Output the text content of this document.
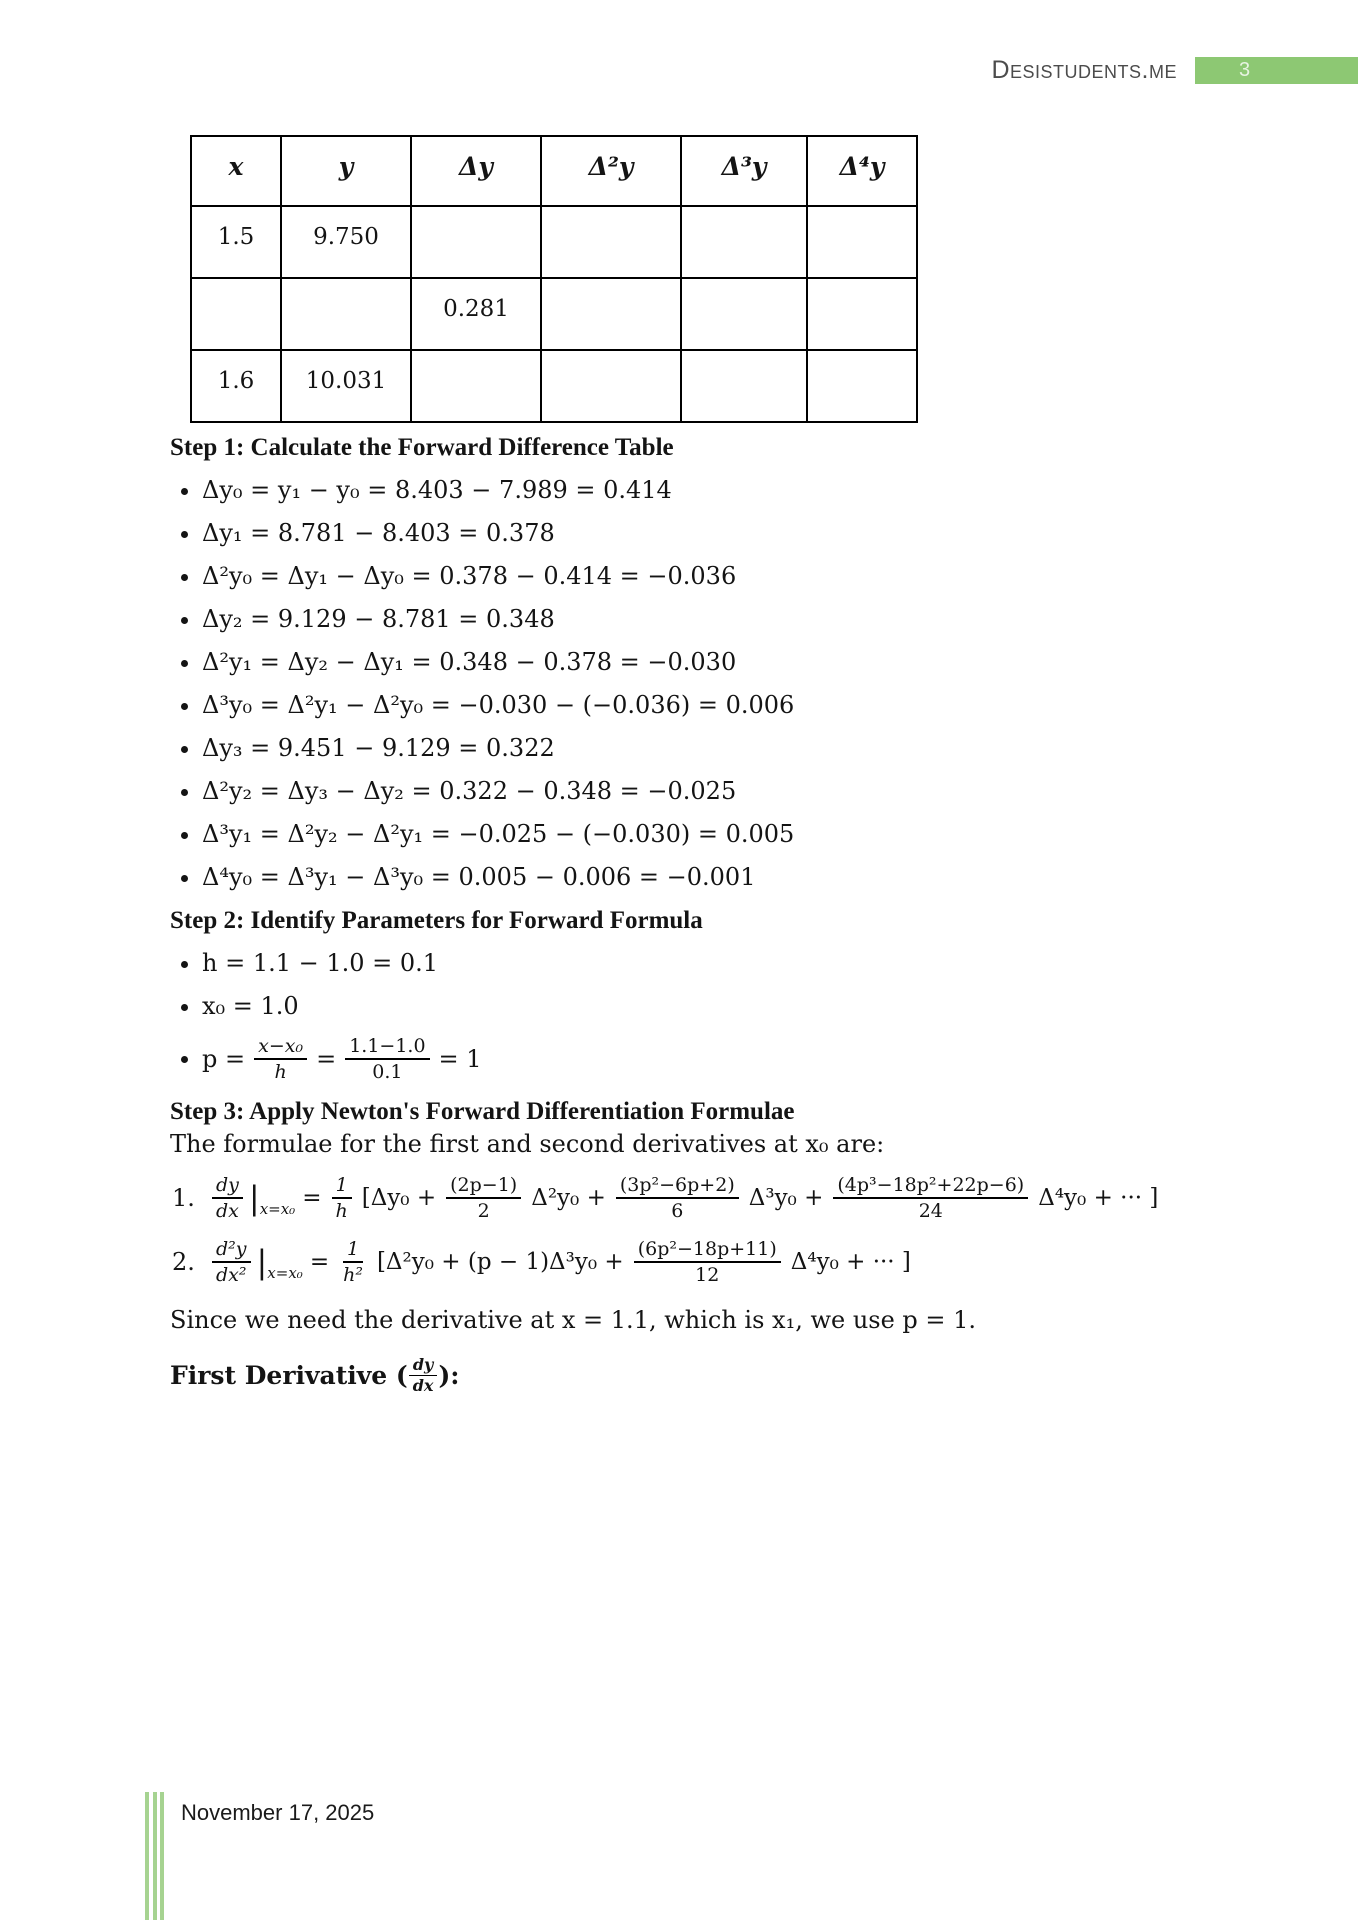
Desistudents.me	3
x	y	Δy	Δ²y	Δ³y	Δ⁴y
1.5	9.750				
		0.281			
1.6	10.031				
Step 1: Calculate the Forward Difference Table
• Δy₀ = y₁ − y₀ = 8.403 − 7.989 = 0.414
• Δy₁ = 8.781 − 8.403 = 0.378
• Δ²y₀ = Δy₁ − Δy₀ = 0.378 − 0.414 = −0.036
• Δy₂ = 9.129 − 8.781 = 0.348
• Δ²y₁ = Δy₂ − Δy₁ = 0.348 − 0.378 = −0.030
• Δ³y₀ = Δ²y₁ − Δ²y₀ = −0.030 − (−0.036) = 0.006
• Δy₃ = 9.451 − 9.129 = 0.322
• Δ²y₂ = Δy₃ − Δy₂ = 0.322 − 0.348 = −0.025
• Δ³y₁ = Δ²y₂ − Δ²y₁ = −0.025 − (−0.030) = 0.005
• Δ⁴y₀ = Δ³y₁ − Δ³y₀ = 0.005 − 0.006 = −0.001
Step 2: Identify Parameters for Forward Formula
• h = 1.1 − 1.0 = 0.1
• x₀ = 1.0
• $p = \frac{\text{x−x₀}}{h} = \frac{1.1-1.0}{0.1} = 1$
Step 3: Apply Newton's Forward Differentiation Formulae

The formulae for the first and second derivatives at x₀ are:

1. $\frac{dy}{dx}$ | $x=x_0 = \frac{1}{h} [\Delta y_0 + \frac{(2p-1)}{2} \Delta^2y_0 + \frac{\text{(3p²−6p+2)}}{6} \Delta^3y_0 + \frac{\text{(4p³−18p²+22p−6)}}{24} \Delta^4y_0$ + ··· ]
2. $\frac{\text{d²y}}{\text{dx²}}$ | $x=x_0 = \frac{1}{\text{h²}} [\Delta^2y_0 + (p - 1)\Delta^3y_0 + \frac{\text{(6p²−18p+11)}}{12} \Delta^4y_0$ + ··· ]

Since we need the derivative at x = 1.1, which is x₁, we use p = 1.

First Derivative ( $\frac{dy}{dx}$ ):
November 17, 2025
